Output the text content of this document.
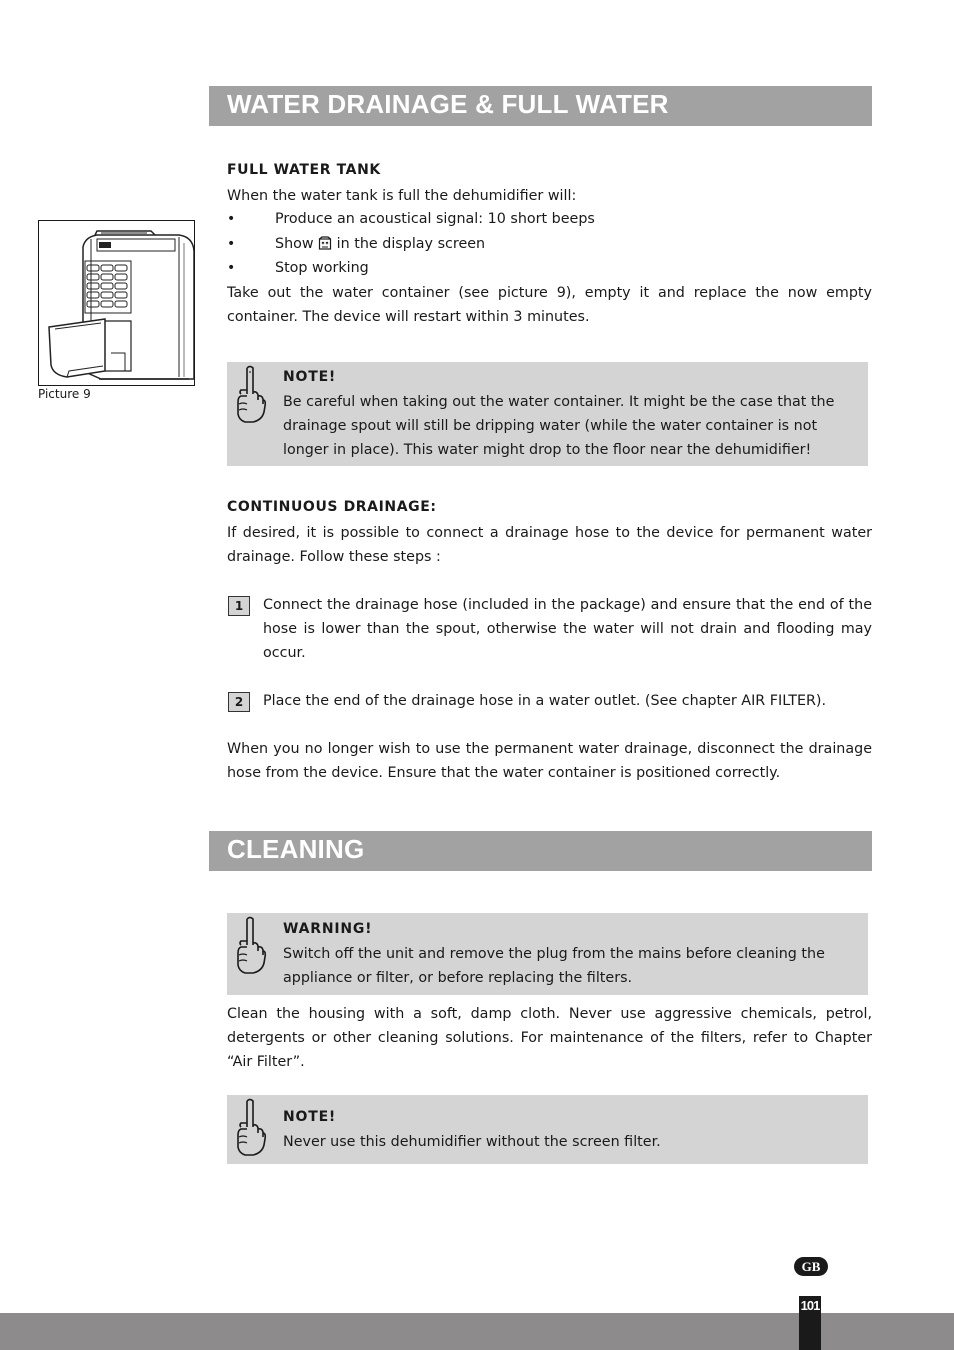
WATER DRAINAGE & FULL WATER
FULL WATER TANK
When the water tank is full the dehumidifier will:
•	Produce an acoustical signal: 10 short beeps
•	Show in the display screen
•	Stop working
Take out the water container (see picture 9), empty it and replace the now empty container. The device will restart within 3 minutes.
Picture 9
NOTE!
Be careful when taking out the water container. It might be the case that the drainage spout will still be dripping water (while the water container is not longer in place). This water might drop to the floor near the dehumidifier!
CONTINUOUS DRAINAGE:
If desired, it is possible to connect a drainage hose to the device for permanent water drainage. Follow these steps :
1	Connect the drainage hose (included in the package) and ensure that the end of the hose is lower than the spout, otherwise the water will not drain and flooding may occur.
2	Place the end of the drainage hose in a water outlet. (See chapter AIR FILTER).
When you no longer wish to use the permanent water drainage, disconnect the drainage hose from the device. Ensure that the water container is positioned correctly.
CLEANING
WARNING!
Switch off the unit and remove the plug from the mains before cleaning the appliance or filter, or before replacing the filters.
Clean the housing with a soft, damp cloth. Never use aggressive chemicals, petrol, detergents or other cleaning solutions. For maintenance of the filters, refer to Chapter “Air Filter”.
NOTE!
Never use this dehumidifier without the screen filter.
GB
101
